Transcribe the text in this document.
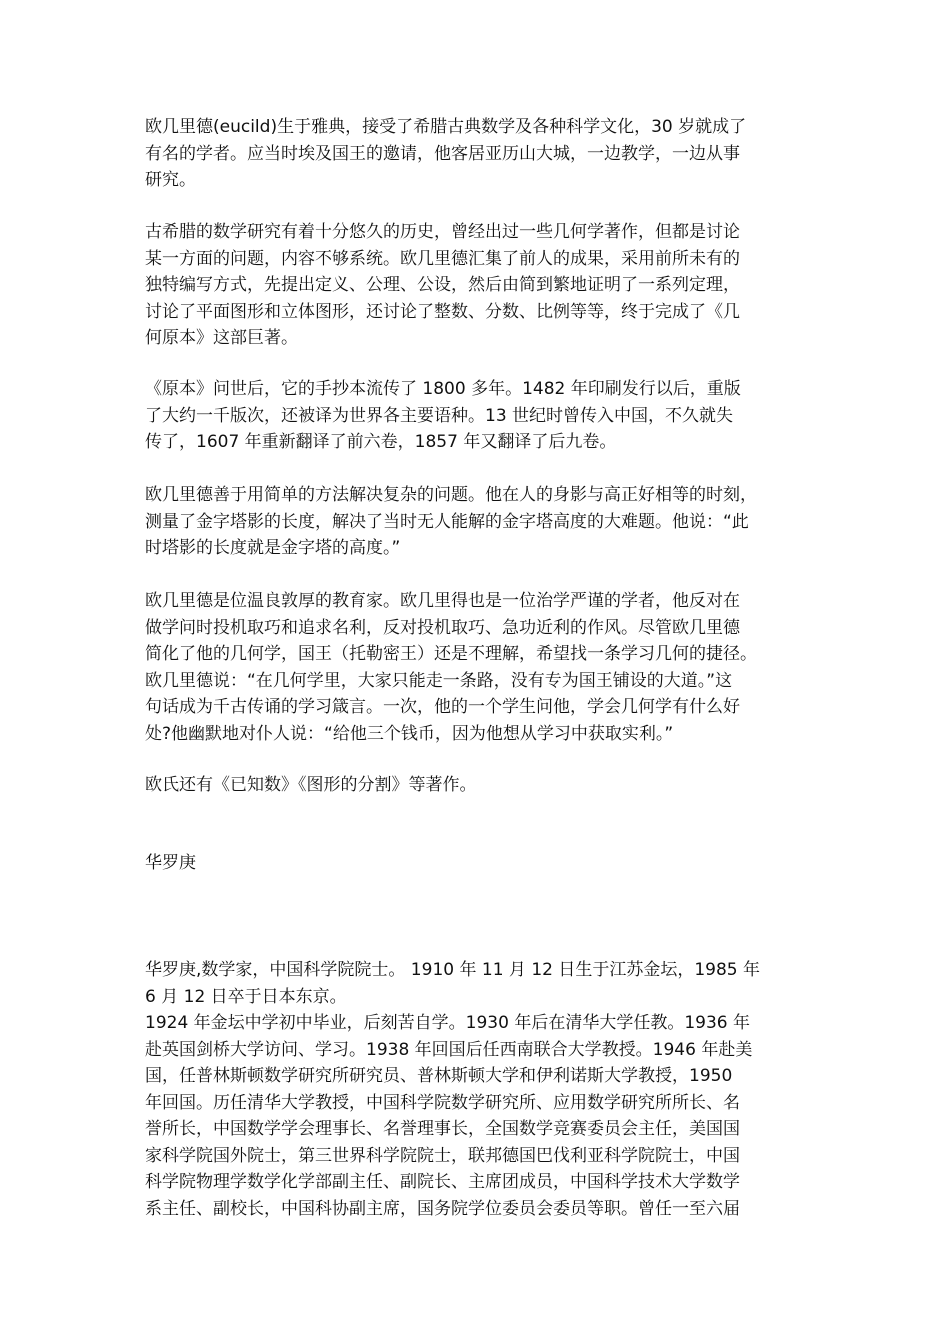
欧几里德(eucild)生于雅典，接受了希腊古典数学及各种科学文化，30 岁就成了
有名的学者。应当时埃及国王的邀请，他客居亚历山大城，一边教学，一边从事
研究。
古希腊的数学研究有着十分悠久的历史，曾经出过一些几何学著作，但都是讨论
某一方面的问题，内容不够系统。欧几里德汇集了前人的成果，采用前所未有的
独特编写方式，先提出定义、公理、公设，然后由简到繁地证明了一系列定理，
讨论了平面图形和立体图形，还讨论了整数、分数、比例等等，终于完成了《几
何原本》这部巨著。
《原本》问世后，它的手抄本流传了 1800 多年。1482 年印刷发行以后，重版
了大约一千版次，还被译为世界各主要语种。13 世纪时曾传入中国，不久就失
传了，1607 年重新翻译了前六卷，1857 年又翻译了后九卷。
欧几里德善于用简单的方法解决复杂的问题。他在人的身影与高正好相等的时刻，
测量了金字塔影的长度，解决了当时无人能解的金字塔高度的大难题。他说：“此
时塔影的长度就是金字塔的高度。”
欧几里德是位温良敦厚的教育家。欧几里得也是一位治学严谨的学者，他反对在
做学问时投机取巧和追求名利，反对投机取巧、急功近利的作风。尽管欧几里德
简化了他的几何学，国王（托勒密王）还是不理解，希望找一条学习几何的捷径。
欧几里德说：“在几何学里，大家只能走一条路，没有专为国王铺设的大道。”这
句话成为千古传诵的学习箴言。一次，他的一个学生问他，学会几何学有什么好
处?他幽默地对仆人说：“给他三个钱币，因为他想从学习中获取实利。”
欧氏还有《已知数》《图形的分割》等著作。
华罗庚
华罗庚,数学家，中国科学院院士。 1910 年 11 月 12 日生于江苏金坛，1985 年
6 月 12 日卒于日本东京。
1924 年金坛中学初中毕业，后刻苦自学。1930 年后在清华大学任教。1936 年
赴英国剑桥大学访问、学习。1938 年回国后任西南联合大学教授。1946 年赴美
国，任普林斯顿数学研究所研究员、普林斯顿大学和伊利诺斯大学教授，1950
年回国。历任清华大学教授，中国科学院数学研究所、应用数学研究所所长、名
誉所长，中国数学学会理事长、名誉理事长，全国数学竞赛委员会主任，美国国
家科学院国外院士，第三世界科学院院士，联邦德国巴伐利亚科学院院士，中国
科学院物理学数学化学部副主任、副院长、主席团成员，中国科学技术大学数学
系主任、副校长，中国科协副主席，国务院学位委员会委员等职。曾任一至六届
